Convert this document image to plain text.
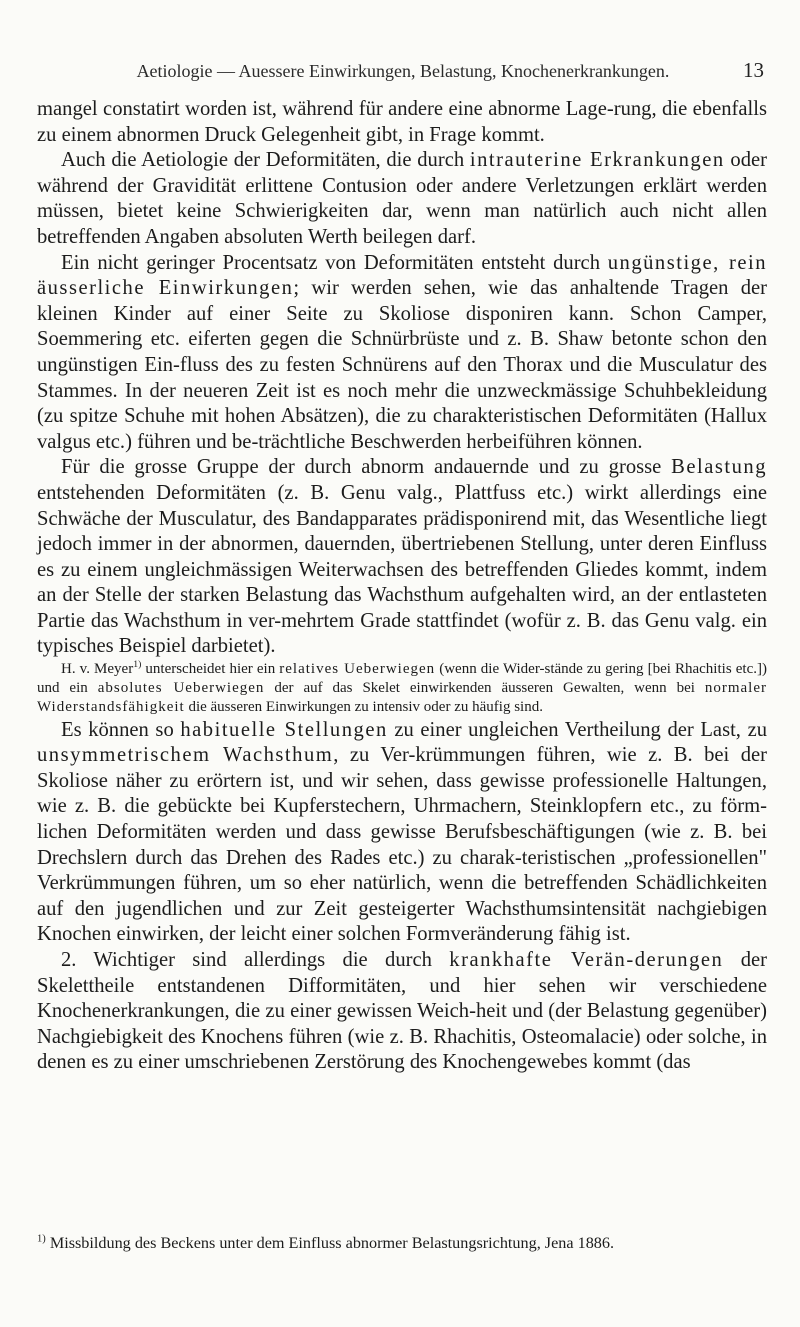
Aetiologie — Auessere Einwirkungen, Belastung, Knochenerkrankungen.	13

mangel constatirt worden ist, während für andere eine abnorme Lage-rung, die ebenfalls zu einem abnormen Druck Gelegenheit gibt, in Frage kommt.

Auch die Aetiologie der Deformitäten, die durch intrauterine Erkrankungen oder während der Gravidität erlittene Contusion oder andere Verletzungen erklärt werden müssen, bietet keine Schwierigkeiten dar, wenn man natürlich auch nicht allen betreffenden Angaben absoluten Werth beilegen darf.

Ein nicht geringer Procentsatz von Deformitäten entsteht durch ungünstige, rein äusserliche Einwirkungen; wir werden sehen, wie das anhaltende Tragen der kleinen Kinder auf einer Seite zu Skoliose disponiren kann. Schon Camper, Soemmering etc. eiferten gegen die Schnürbrüste und z. B. Shaw betonte schon den ungünstigen Ein-fluss des zu festen Schnürens auf den Thorax und die Musculatur des Stammes. In der neueren Zeit ist es noch mehr die unzweckmässige Schuhbekleidung (zu spitze Schuhe mit hohen Absätzen), die zu charakteristischen Deformitäten (Hallux valgus etc.) führen und be-trächtliche Beschwerden herbeiführen können.

Für die grosse Gruppe der durch abnorm andauernde und zu grosse Belastung entstehenden Deformitäten (z. B. Genu valg., Plattfuss etc.) wirkt allerdings eine Schwäche der Musculatur, des Bandapparates prädisponirend mit, das Wesentliche liegt jedoch immer in der abnormen, dauernden, übertriebenen Stellung, unter deren Einfluss es zu einem ungleichmässigen Weiterwachsen des betreffenden Gliedes kommt, indem an der Stelle der starken Belastung das Wachsthum aufgehalten wird, an der entlasteten Partie das Wachsthum in ver-mehrtem Grade stattfindet (wofür z. B. das Genu valg. ein typisches Beispiel darbietet).

H. v. Meyer$^{1)}$ unterscheidet hier ein relatives Ueberwiegen (wenn die Wider-stände zu gering [bei Rhachitis etc.]) und ein absolutes Ueberwiegen der auf das Skelet einwirkenden äusseren Gewalten, wenn bei normaler Widerstandsfähigkeit die äusseren Einwirkungen zu intensiv oder zu häufig sind.

Es können so habituelle Stellungen zu einer ungleichen Vertheilung der Last, zu unsymmetrischem Wachsthum, zu Ver-krümmungen führen, wie z. B. bei der Skoliose näher zu erörtern ist, und wir sehen, dass gewisse professionelle Haltungen, wie z. B. die gebückte bei Kupferstechern, Uhrmachern, Steinklopfern etc., zu förm-lichen Deformitäten werden und dass gewisse Berufsbeschäftigungen (wie z. B. bei Drechslern durch das Drehen des Rades etc.) zu charak-teristischen „professionellen" Verkrümmungen führen, um so eher natürlich, wenn die betreffenden Schädlichkeiten auf den jugendlichen und zur Zeit gesteigerter Wachsthumsintensität nachgiebigen Knochen einwirken, der leicht einer solchen Formveränderung fähig ist.

2. Wichtiger sind allerdings die durch krankhafte Verän-derungen der Skelettheile entstandenen Difformitäten, und hier sehen wir verschiedene Knochenerkrankungen, die zu einer gewissen Weich-heit und (der Belastung gegenüber) Nachgiebigkeit des Knochens führen (wie z. B. Rhachitis, Osteomalacie) oder solche, in denen es zu einer umschriebenen Zerstörung des Knochengewebes kommt (das

$^{1)}$ Missbildung des Beckens unter dem Einfluss abnormer Belastungsrichtung, Jena 1886.
